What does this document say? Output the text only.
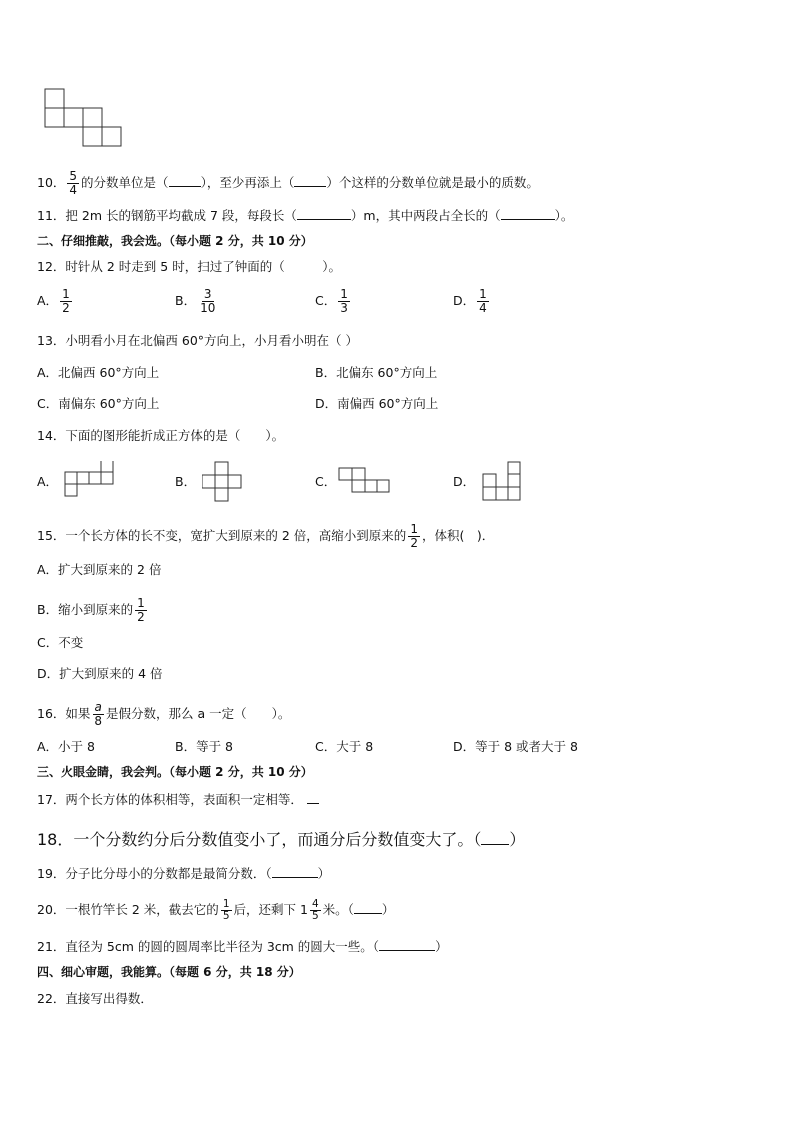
10． $\frac{5}{4}$ 的分数单位是（	），至少再添上（	）个这样的分数单位就是最小的质数。
11．把 2m 长的钢筋平均截成 7 段，每段长（	）m，其中两段占全长的（	）。
二、仔细推敲，我会选。（每小题 2 分，共 10 分）
12．时针从 2 时走到 5 时，扫过了钟面的（　　　）。
A． $\frac{1}{2}$	B． $\frac{3}{10}$	C． $\frac{1}{3}$	D． $\frac{1}{4}$
13．小明看小月在北偏西 60°方向上，小月看小明在（ ）
A．北偏西 60°方向上	B．北偏东 60°方向上
C．南偏东 60°方向上	D．南偏西 60°方向上
14．下面的图形能折成正方体的是（　　）。
A．	B．	C．	D．
15．一个长方体的长不变，宽扩大到原来的 2 倍，高缩小到原来的 $\frac{1}{2}$ ，体积(　)．
A．扩大到原来的 2 倍
B．缩小到原来的 $\frac{1}{2}$
C．不变
D．扩大到原来的 4 倍
16．如果 $\frac{a}{8}$ 是假分数，那么 a 一定（　　）。
A．小于 8	B．等于 8	C．大于 8	D．等于 8 或者大于 8
三、火眼金睛，我会判。（每小题 2 分，共 10 分）
17．两个长方体的体积相等，表面积一定相等．
18．一个分数约分后分数值变小了，而通分后分数值变大了。（ ）
19．分子比分母小的分数都是最简分数．（	）
20．一根竹竿长 2 米，截去它的 $\frac{1}{5}$ 后，还剩下 $1 \frac{4}{5}$ 米。（ ）
21．直径为 5cm 的圆的圆周率比半径为 3cm 的圆大一些。（	）
四、细心审题，我能算。（每题 6 分，共 18 分）
22．直接写出得数．
